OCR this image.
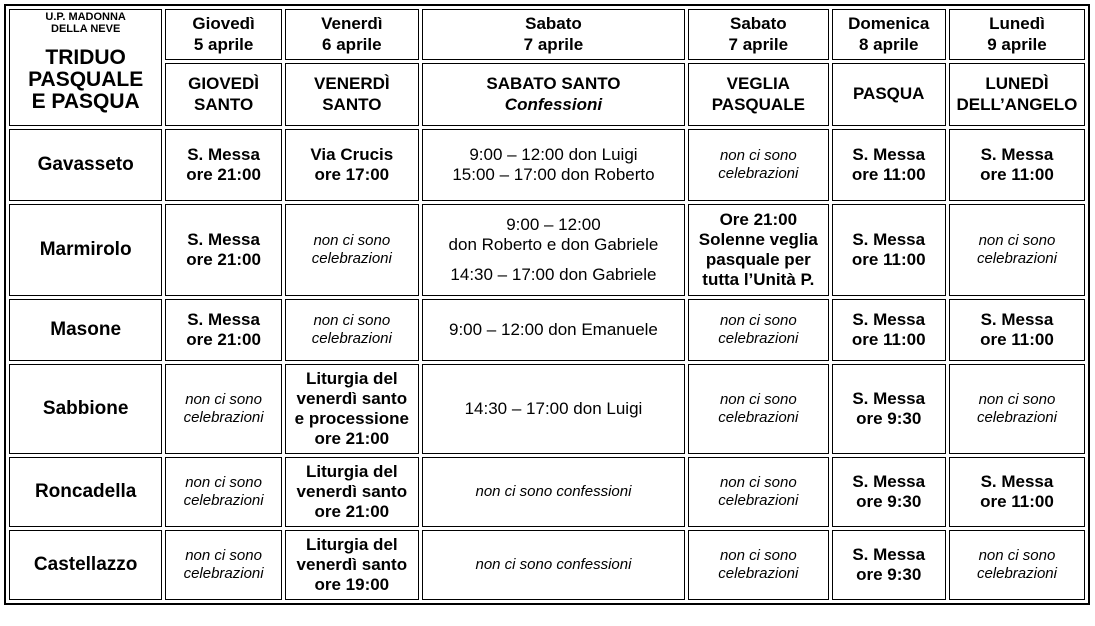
U.P. MADONNA
DELLA NEVE
TRIDUO
PASQUALE
E PASQUA	Giovedì
5 aprile	Venerdì
6 aprile	Sabato
7 aprile	Sabato
7 aprile	Domenica
8 aprile	Lunedì
9 aprile

	GIOVEDÌ
SANTO	VENERDÌ
SANTO	SABATO SANTO
Confessioni	VEGLIA
PASQUALE	PASQUA	LUNEDÌ
DELL’ANGELO

Gavasseto	S. Messa
ore 21:00	Via Crucis
ore 17:00	9:00 – 12:00 don Luigi
15:00 – 17:00 don Roberto	non ci sono
celebrazioni	S. Messa
ore 11:00	S. Messa
ore 11:00

Marmirolo	S. Messa
ore 21:00	non ci sono
celebrazioni	9:00 – 12:00
don Roberto e don Gabriele
14:30 – 17:00 don Gabriele	Ore 21:00
Solenne veglia
pasquale per
tutta l’Unità P.	S. Messa
ore 11:00	non ci sono
celebrazioni

Masone	S. Messa
ore 21:00	non ci sono
celebrazioni	9:00 – 12:00 don Emanuele	non ci sono
celebrazioni	S. Messa
ore 11:00	S. Messa
ore 11:00

Sabbione	non ci sono
celebrazioni	Liturgia del
venerdì santo
e processione
ore 21:00	14:30 – 17:00 don Luigi	non ci sono
celebrazioni	S. Messa
ore 9:30	non ci sono
celebrazioni

Roncadella	non ci sono
celebrazioni	Liturgia del
venerdì santo
ore 21:00	non ci sono confessioni	non ci sono
celebrazioni	S. Messa
ore 9:30	S. Messa
ore 11:00

Castellazzo	non ci sono
celebrazioni	Liturgia del
venerdì santo
ore 19:00	non ci sono confessioni	non ci sono
celebrazioni	S. Messa
ore 9:30	non ci sono
celebrazioni
